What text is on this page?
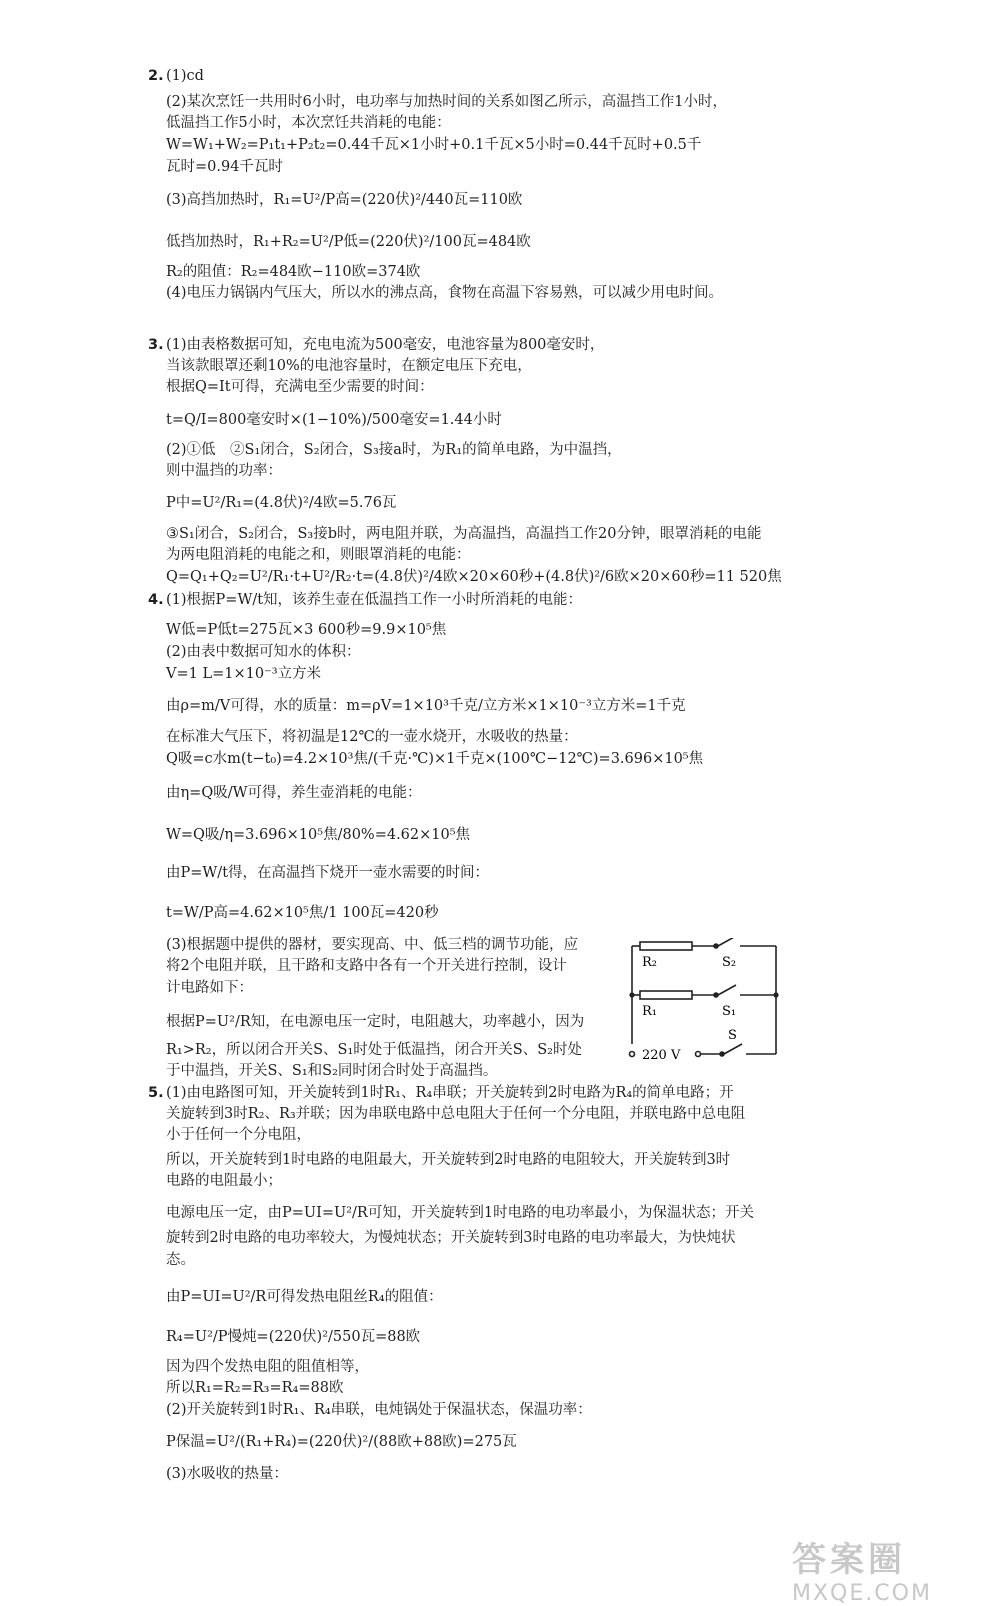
2.
3.
4.
5.
(1)cd
(2)某次烹饪一共用时6小时，电功率与加热时间的关系如图乙所示，高温挡工作1小时，
低温挡工作5小时，本次烹饪共消耗的电能：
W=W₁+W₂=P₁t₁+P₂t₂=0.44千瓦×1小时+0.1千瓦×5小时=0.44千瓦时+0.5千
瓦时=0.94千瓦时
(3)高挡加热时，R₁=U²/P高=(220伏)²/440瓦=110欧
低挡加热时，R₁+R₂=U²/P低=(220伏)²/100瓦=484欧
R₂的阻值：R₂=484欧−110欧=374欧
(4)电压力锅锅内气压大，所以水的沸点高，食物在高温下容易熟，可以减少用电时间。
(1)由表格数据可知，充电电流为500毫安，电池容量为800毫安时，
当该款眼罩还剩10%的电池容量时，在额定电压下充电，
根据Q=It可得，充满电至少需要的时间：
t=Q/I=800毫安时×(1−10%)/500毫安=1.44小时
(2)①低　②S₁闭合，S₂闭合，S₃接a时，为R₁的简单电路，为中温挡，
则中温挡的功率：
P中=U²/R₁=(4.8伏)²/4欧=5.76瓦
③S₁闭合，S₂闭合，S₃接b时，两电阻并联，为高温挡，高温挡工作20分钟，眼罩消耗的电能
为两电阻消耗的电能之和，则眼罩消耗的电能：
Q=Q₁+Q₂=U²/R₁·t+U²/R₂·t=(4.8伏)²/4欧×20×60秒+(4.8伏)²/6欧×20×60秒=11 520焦
(1)根据P=W/t知，该养生壶在低温挡工作一小时所消耗的电能：
W低=P低t=275瓦×3 600秒=9.9×10⁵焦
(2)由表中数据可知水的体积：
V=1 L=1×10⁻³立方米
由ρ=m/V可得，水的质量：m=ρV=1×10³千克/立方米×1×10⁻³立方米=1千克
在标准大气压下，将初温是12℃的一壶水烧开，水吸收的热量：
Q吸=c水m(t−t₀)=4.2×10³焦/(千克·℃)×1千克×(100℃−12℃)=3.696×10⁵焦
由η=Q吸/W可得，养生壶消耗的电能：
W=Q吸/η=3.696×10⁵焦/80%=4.62×10⁵焦
由P=W/t得，在高温挡下烧开一壶水需要的时间：
t=W/P高=4.62×10⁵焦/1 100瓦=420秒
(3)根据题中提供的器材，要实现高、中、低三档的调节功能，应
将2个电阻并联，且干路和支路中各有一个开关进行控制，设计
计电路如下：
根据P=U²/R知，在电源电压一定时，电阻越大，功率越小，因为
R₁>R₂，所以闭合开关S、S₁时处于低温挡，闭合开关S、S₂时处
于中温挡，开关S、S₁和S₂同时闭合时处于高温挡。
R₂	S₂
R₁	S₁
S
220 V
(1)由电路图可知，开关旋转到1时R₁、R₄串联；开关旋转到2时电路为R₄的简单电路；开
关旋转到3时R₂、R₃并联；因为串联电路中总电阻大于任何一个分电阻，并联电路中总电阻
小于任何一个分电阻，
所以，开关旋转到1时电路的电阻最大，开关旋转到2时电路的电阻较大，开关旋转到3时
电路的电阻最小；
电源电压一定，由P=UI=U²/R可知，开关旋转到1时电路的电功率最小，为保温状态；开关
旋转到2时电路的电功率较大，为慢炖状态；开关旋转到3时电路的电功率最大，为快炖状
态。
由P=UI=U²/R可得发热电阻丝R₄的阻值：
R₄=U²/P慢炖=(220伏)²/550瓦=88欧
因为四个发热电阻的阻值相等，
所以R₁=R₂=R₃=R₄=88欧
(2)开关旋转到1时R₁、R₄串联，电炖锅处于保温状态，保温功率：
P保温=U²/(R₁+R₄)=(220伏)²/(88欧+88欧)=275瓦
(3)水吸收的热量：
答案圈
MXQE.COM
